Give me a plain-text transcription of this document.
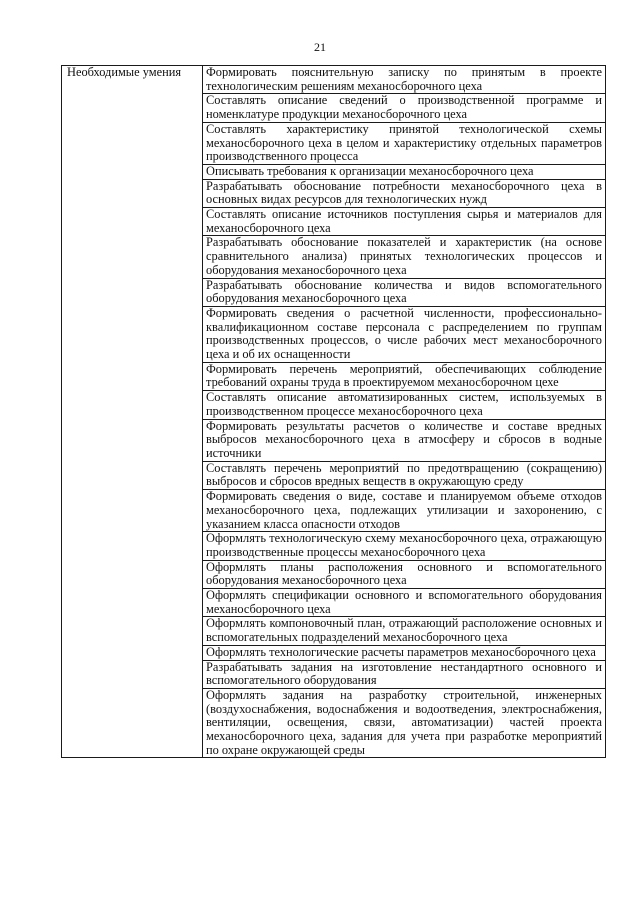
21
Необходимые умения	Формировать пояснительную записку по принятым в проекте технологическим решениям механосборочного цеха
Составлять описание сведений о производственной программе и номенклатуре продукции механосборочного цеха
Составлять характеристику принятой технологической схемы механосборочного цеха в целом и характеристику отдельных параметров производственного процесса
Описывать требования к организации механосборочного цеха
Разрабатывать обоснование потребности механосборочного цеха в основных видах ресурсов для технологических нужд
Составлять описание источников поступления сырья и материалов для механосборочного цеха
Разрабатывать обоснование показателей и характеристик (на основе сравнительного анализа) принятых технологических процессов и оборудования механосборочного цеха
Разрабатывать обоснование количества и видов вспомогательного оборудования механосборочного цеха
Формировать сведения о расчетной численности, профессионально-квалификационном составе персонала с распределением по группам производственных процессов, о числе рабочих мест механосборочного цеха и об их оснащенности
Формировать перечень мероприятий, обеспечивающих соблюдение требований охраны труда в проектируемом механосборочном цехе
Составлять описание автоматизированных систем, используемых в производственном процессе механосборочного цеха
Формировать результаты расчетов о количестве и составе вредных выбросов механосборочного цеха в атмосферу и сбросов в водные источники
Составлять перечень мероприятий по предотвращению (сокращению) выбросов и сбросов вредных веществ в окружающую среду
Формировать сведения о виде, составе и планируемом объеме отходов механосборочного цеха, подлежащих утилизации и захоронению, с указанием класса опасности отходов
Оформлять технологическую схему механосборочного цеха, отражающую производственные процессы механосборочного цеха
Оформлять планы расположения основного и вспомогательного оборудования механосборочного цеха
Оформлять спецификации основного и вспомогательного оборудования механосборочного цеха
Оформлять компоновочный план, отражающий расположение основных и вспомогательных подразделений механосборочного цеха
Оформлять технологические расчеты параметров механосборочного цеха
Разрабатывать задания на изготовление нестандартного основного и вспомогательного оборудования
Оформлять задания на разработку строительной, инженерных (воздухоснабжения, водоснабжения и водоотведения, электроснабжения, вентиляции, освещения, связи, автоматизации) частей проекта механосборочного цеха, задания для учета при разработке мероприятий по охране окружающей среды
